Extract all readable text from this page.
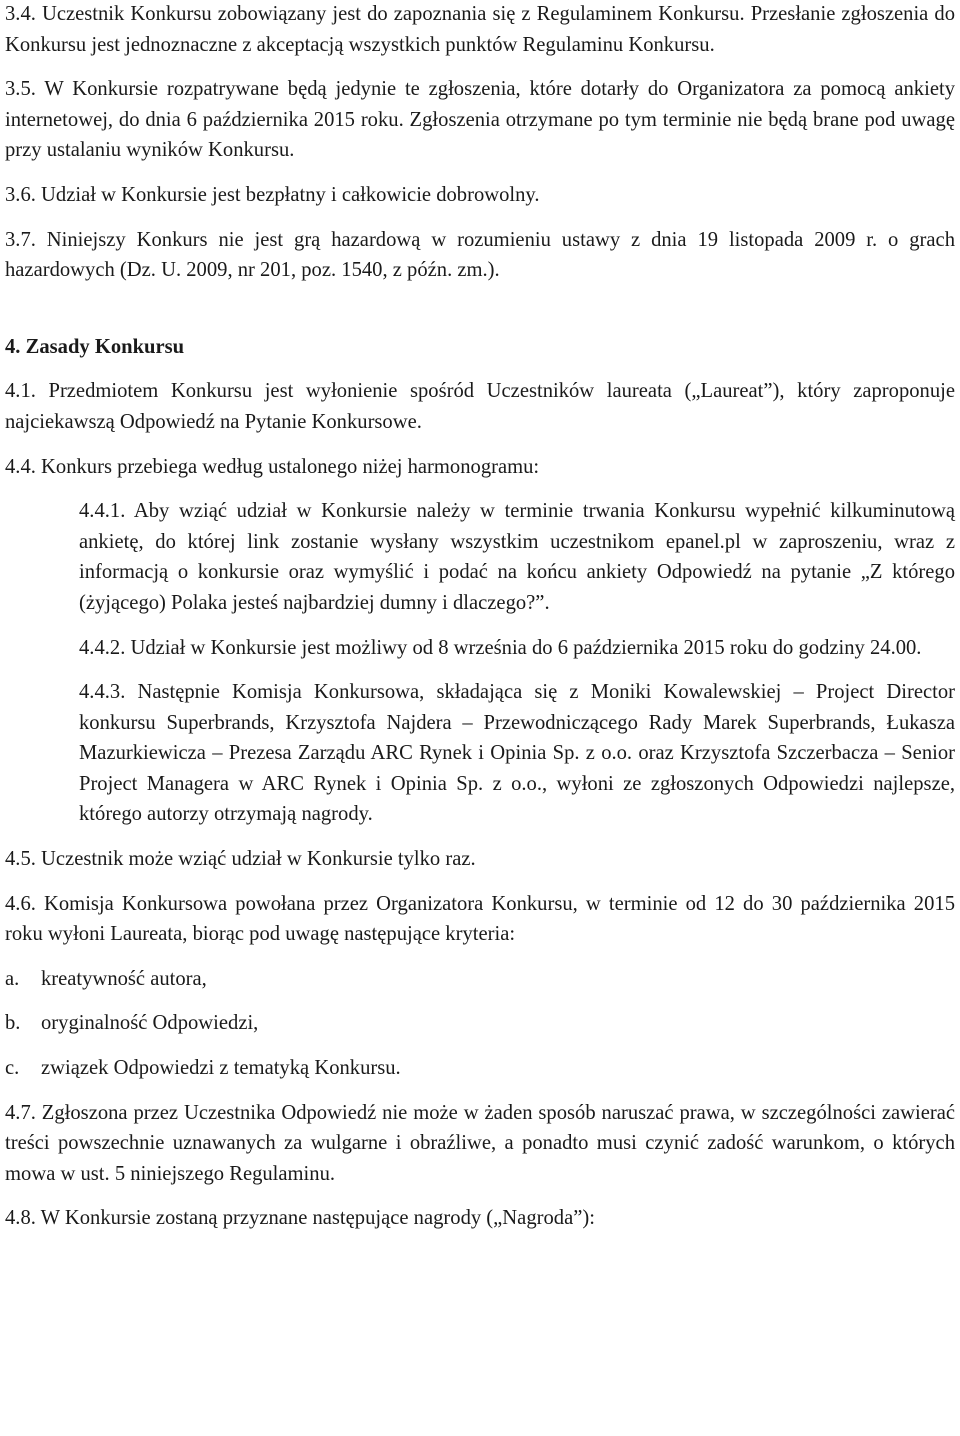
3.4. Uczestnik Konkursu zobowiązany jest do zapoznania się z Regulaminem Konkursu. Przesłanie zgłoszenia do Konkursu jest jednoznaczne z akceptacją wszystkich punktów Regulaminu Konkursu.

3.5. W Konkursie rozpatrywane będą jedynie te zgłoszenia, które dotarły do Organizatora za pomocą ankiety internetowej, do dnia 6 października 2015 roku. Zgłoszenia otrzymane po tym terminie nie będą brane pod uwagę przy ustalaniu wyników Konkursu.

3.6. Udział w Konkursie jest bezpłatny i całkowicie dobrowolny.

3.7. Niniejszy Konkurs nie jest grą hazardową w rozumieniu ustawy z dnia 19 listopada 2009 r. o grach hazardowych (Dz. U. 2009, nr 201, poz. 1540, z późn. zm.).

4. Zasady Konkursu

4.1. Przedmiotem Konkursu jest wyłonienie spośród Uczestników laureata („Laureat”), który zaproponuje najciekawszą Odpowiedź na Pytanie Konkursowe.

4.4. Konkurs przebiega według ustalonego niżej harmonogramu:

4.4.1. Aby wziąć udział w Konkursie należy w terminie trwania Konkursu wypełnić kilkuminutową ankietę, do której link zostanie wysłany wszystkim uczestnikom epanel.pl w zaproszeniu, wraz z informacją o konkursie oraz wymyślić i podać na końcu ankiety Odpowiedź na pytanie „Z którego (żyjącego) Polaka jesteś najbardziej dumny i dlaczego?”.

4.4.2. Udział w Konkursie jest możliwy od 8 września do 6 października 2015 roku do godziny 24.00.

4.4.3. Następnie Komisja Konkursowa, składająca się z Moniki Kowalewskiej – Project Director konkursu Superbrands, Krzysztofa Najdera – Przewodniczącego Rady Marek Superbrands, Łukasza Mazurkiewicza – Prezesa Zarządu ARC Rynek i Opinia Sp. z o.o. oraz Krzysztofa Szczerbacza – Senior Project Managera w ARC Rynek i Opinia Sp. z o.o., wyłoni ze zgłoszonych Odpowiedzi najlepsze, którego autorzy otrzymają nagrody.

4.5. Uczestnik może wziąć udział w Konkursie tylko raz.

4.6. Komisja Konkursowa powołana przez Organizatora Konkursu, w terminie od 12 do 30 października 2015 roku wyłoni Laureata, biorąc pod uwagę następujące kryteria:

a. kreatywność autora,

b. oryginalność Odpowiedzi,

c. związek Odpowiedzi z tematyką Konkursu.

4.7. Zgłoszona przez Uczestnika Odpowiedź nie może w żaden sposób naruszać prawa, w szczególności zawierać treści powszechnie uznawanych za wulgarne i obraźliwe, a ponadto musi czynić zadość warunkom, o których mowa w ust. 5 niniejszego Regulaminu.

4.8. W Konkursie zostaną przyznane następujące nagrody („Nagroda”):
